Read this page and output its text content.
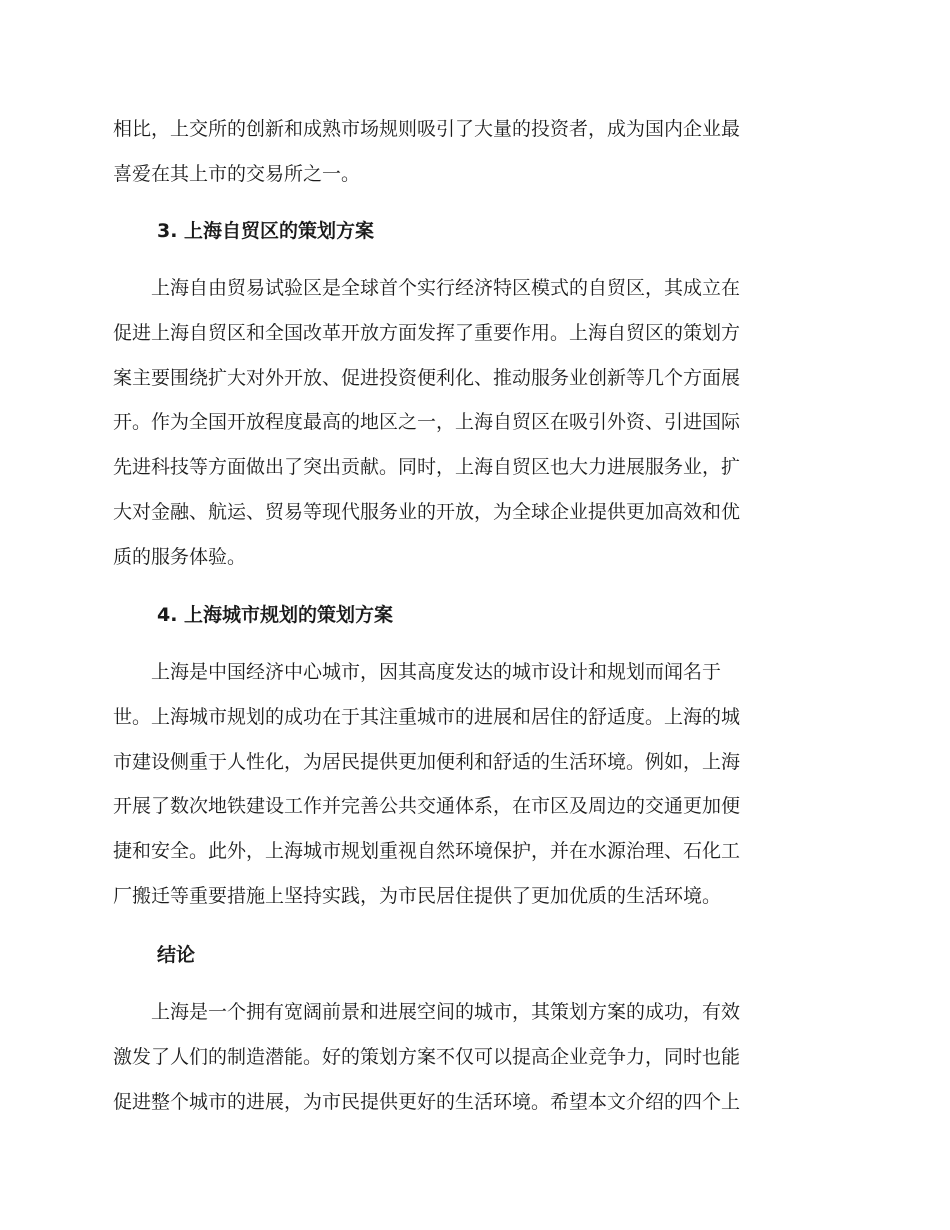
相比，上交所的创新和成熟市场规则吸引了大量的投资者，成为国内企业最
喜爱在其上市的交易所之一。
3. 上海自贸区的策划方案
　　上海自由贸易试验区是全球首个实行经济特区模式的自贸区，其成立在
促进上海自贸区和全国改革开放方面发挥了重要作用。上海自贸区的策划方
案主要围绕扩大对外开放、促进投资便利化、推动服务业创新等几个方面展
开。作为全国开放程度最高的地区之一，上海自贸区在吸引外资、引进国际
先进科技等方面做出了突出贡献。同时，上海自贸区也大力进展服务业，扩
大对金融、航运、贸易等现代服务业的开放，为全球企业提供更加高效和优
质的服务体验。
4. 上海城市规划的策划方案
　　上海是中国经济中心城市，因其高度发达的城市设计和规划而闻名于
世。上海城市规划的成功在于其注重城市的进展和居住的舒适度。上海的城
市建设侧重于人性化，为居民提供更加便利和舒适的生活环境。例如，上海
开展了数次地铁建设工作并完善公共交通体系，在市区及周边的交通更加便
捷和安全。此外，上海城市规划重视自然环境保护，并在水源治理、石化工
厂搬迁等重要措施上坚持实践，为市民居住提供了更加优质的生活环境。
结论
　　上海是一个拥有宽阔前景和进展空间的城市，其策划方案的成功，有效
激发了人们的制造潜能。好的策划方案不仅可以提高企业竞争力，同时也能
促进整个城市的进展，为市民提供更好的生活环境。希望本文介绍的四个上
